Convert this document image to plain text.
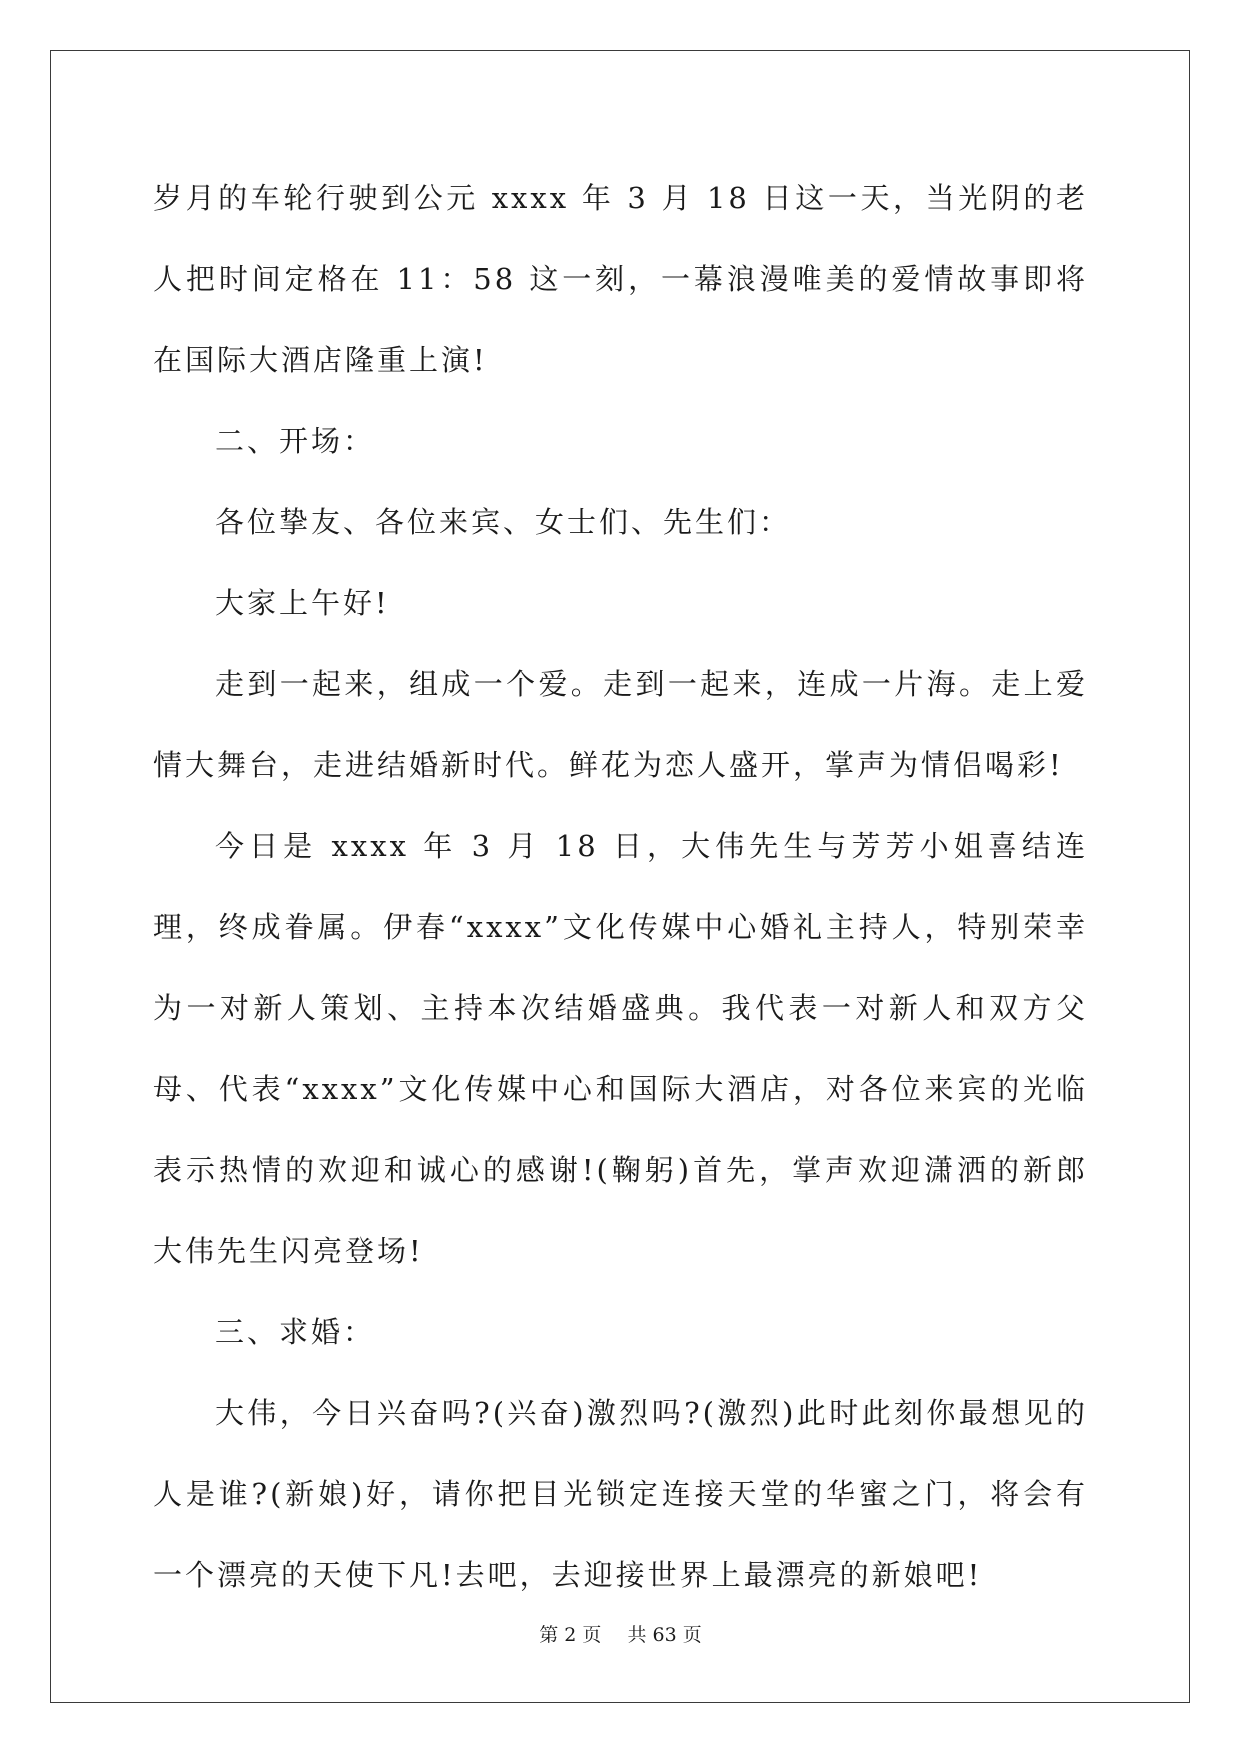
岁月的车轮行驶到公元 xxxx 年 3 月 18 日这一天，当光阴的老人把时间定格在 11：58 这一刻，一幕浪漫唯美的爱情故事即将在国际大酒店隆重上演!

二、开场：

各位挚友、各位来宾、女士们、先生们：

大家上午好!

走到一起来，组成一个爱。走到一起来，连成一片海。走上爱情大舞台，走进结婚新时代。鲜花为恋人盛开，掌声为情侣喝彩!

今日是 xxxx 年 3 月 18 日，大伟先生与芳芳小姐喜结连理，终成眷属。伊春“xxxx”文化传媒中心婚礼主持人，特别荣幸为一对新人策划、主持本次结婚盛典。我代表一对新人和双方父母、代表“xxxx”文化传媒中心和国际大酒店，对各位来宾的光临表示热情的欢迎和诚心的感谢!(鞠躬)首先，掌声欢迎潇洒的新郎大伟先生闪亮登场!

三、求婚：

大伟，今日兴奋吗?(兴奋)激烈吗?(激烈)此时此刻你最想见的人是谁?(新娘)好，请你把目光锁定连接天堂的华蜜之门，将会有一个漂亮的天使下凡!去吧，去迎接世界上最漂亮的新娘吧!

第 2 页 共 63 页
